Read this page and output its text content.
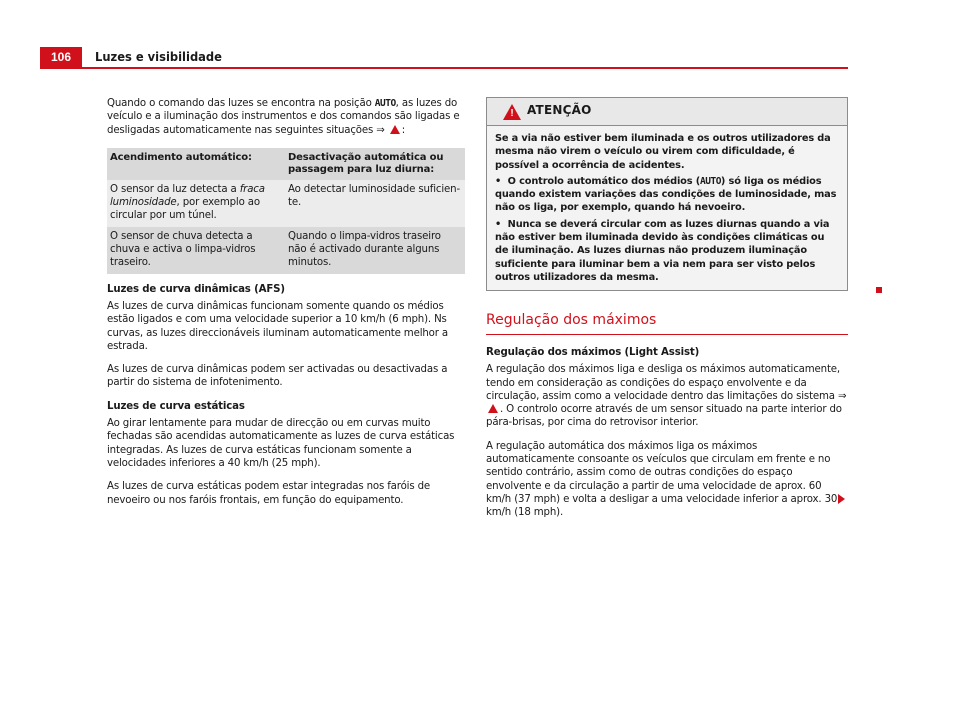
106	Luzes e visibilidade

Quando o comando das luzes se encontra na posição AUTO, as luzes do veículo e a iluminação dos instrumentos e dos comandos são ligadas e desligadas automaticamente nas seguintes situações ⇒ :

Acendimento automático:	Desactivação automática ou passagem para luz diurna:
O sensor da luz detecta a fraca luminosidade, por exemplo ao circular por um túnel.	Ao detectar luminosidade suficiente.
O sensor de chuva detecta a chuva e activa o limpa-vidros traseiro.	Quando o limpa-vidros traseiro não é activado durante alguns minutos.

Luzes de curva dinâmicas (AFS)

As luzes de curva dinâmicas funcionam somente quando os médios estão ligados e com uma velocidade superior a 10 km/h (6 mph). Ns curvas, as luzes direccionáveis iluminam automaticamente melhor a estrada.

As luzes de curva dinâmicas podem ser activadas ou desactivadas a partir do sistema de infotenimento.

Luzes de curva estáticas

Ao girar lentamente para mudar de direcção ou em curvas muito fechadas são acendidas automaticamente as luzes de curva estáticas integradas. As luzes de curva estáticas funcionam somente a velocidades inferiores a 40 km/h (25 mph).

As luzes de curva estáticas podem estar integradas nos faróis de nevoeiro ou nos faróis frontais, em função do equipamento.

! ATENÇÃO
Se a via não estiver bem iluminada e os outros utilizadores da mesma não virem o veículo ou virem com dificuldade, é possível a ocorrência de acidentes.
• O controlo automático dos médios (AUTO) só liga os médios quando existem variações das condições de luminosidade, mas não os liga, por exemplo, quando há nevoeiro.
• Nunca se deverá circular com as luzes diurnas quando a via não estiver bem iluminada devido às condições climáticas ou de iluminação. As luzes diurnas não produzem iluminação suficiente para iluminar bem a via nem para ser visto pelos outros utilizadores da mesma.
Regulação dos máximos

Regulação dos máximos (Light Assist)

A regulação dos máximos liga e desliga os máximos automaticamente, tendo em consideração as condições do espaço envolvente e da circulação, assim como a velocidade dentro das limitações do sistema ⇒ . O controlo ocorre através de um sensor situado na parte interior do pára-brisas, por cima do retrovisor interior.

A regulação automática dos máximos liga os máximos automaticamente consoante os veículos que circulam em frente e no sentido contrário, assim como de outras condições do espaço envolvente e da circulação a partir de uma velocidade de aprox. 60 km/h (37 mph) e volta a desligar a uma velocidade inferior a aprox. 30 km/h (18 mph).
